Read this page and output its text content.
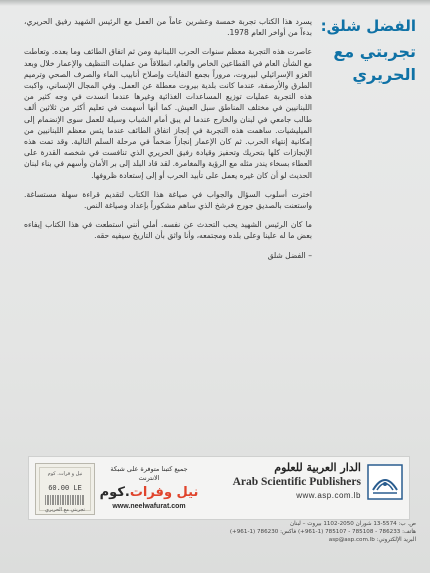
الفضل شلق:
تجربتي مع الحريري

يسرد هذا الكتاب تجربة خمسة وعشرين عاماً من العمل مع الرئيس الشهيد رفيق الحريري، بدءاً من أواخر العام 1978.

عاصرت هذه التجربة معظم سنوات الحرب اللبنانية ومن ثم اتفاق الطائف وما بعده. وتعاطت مع الشأن العام في القطاعين الخاص والعام، انطلاقاً من عمليات التنظيف والإعمار خلال وبعد الغزو الإسرائيلي لبيروت، مروراً بجمع النفايات وإصلاح أنابيب الماء والصرف الصحي وترميم الطرق والأرصفة، عندما كانت بلدية بيروت معطلة عن العمل. وفي المجال الإنساني، واكبت هذه التجربة عمليات توزيع المساعدات الغذائية وغيرها عندما انسدت في وجه كثير من اللبنانيين في مختلف المناطق سبل العيش. كما أنها أسهمت في تعليم أكثر من ثلاثين ألف طالب جامعي في لبنان والخارج عندما لم يبق أمام الشباب وسيلة للعمل سوى الإنضمام إلى الميليشيات. ساهمت هذه التجربة في إنجاز اتفاق الطائف عندما يئس معظم اللبنانيين من إمكانية إنتهاء الحرب. ثم كان الإعمار إنجازاً ضخماً في مرحلة السلم التالية. وقد تمت هذه الإنجازات كلها بتحريك وتحفيز وقيادة رفيق الحريري الذي تنافست في شخصه القدرة على العطاء بسخاء يندر مثله مع الرؤية والمغامرة. لقد قاد البلد إلى بر الأمان وأسهم في بناء لبنان الحديث لو أن كان غيره يعمل على تأبيد الحرب أو إلى إستعادة ظروفها.

اخترت أسلوب السؤال والجواب في صياغة هذا الكتاب لتقديم قراءة سهلة مستساغة. واستعنت بالصديق جورج فرشخ الذي ساهم مشكوراً بإعداد وصياغة النص.

ما كان الرئيس الشهيد يحب التحدث عن نفسه. أملي أنني استطعت في هذا الكتاب إيفاءه بعض ما له علينا وعلى بلده ومجتمعه، وأنا واثق بأن التاريخ سيفيه حقه.

– الفضل شلق
الدار العربية للعلوم
Arab Scientific Publishers
www.asp.com.lb
نيل و فرات. كوم
60.00 LE
تجربتي مع الحريري
جميع كتبنا متوفرة على شبكة الانترنت
نيل وفرات.كوم
www.neelwafurat.com
ص. ب: 5574-13 شوران 2050-1102 بيروت – لبنان
هاتف: 786233 - 785108 - 785107 (1-961+) فاكس: 786230 (1-961+)
البريد الإلكتروني: asp@asp.com.lb
